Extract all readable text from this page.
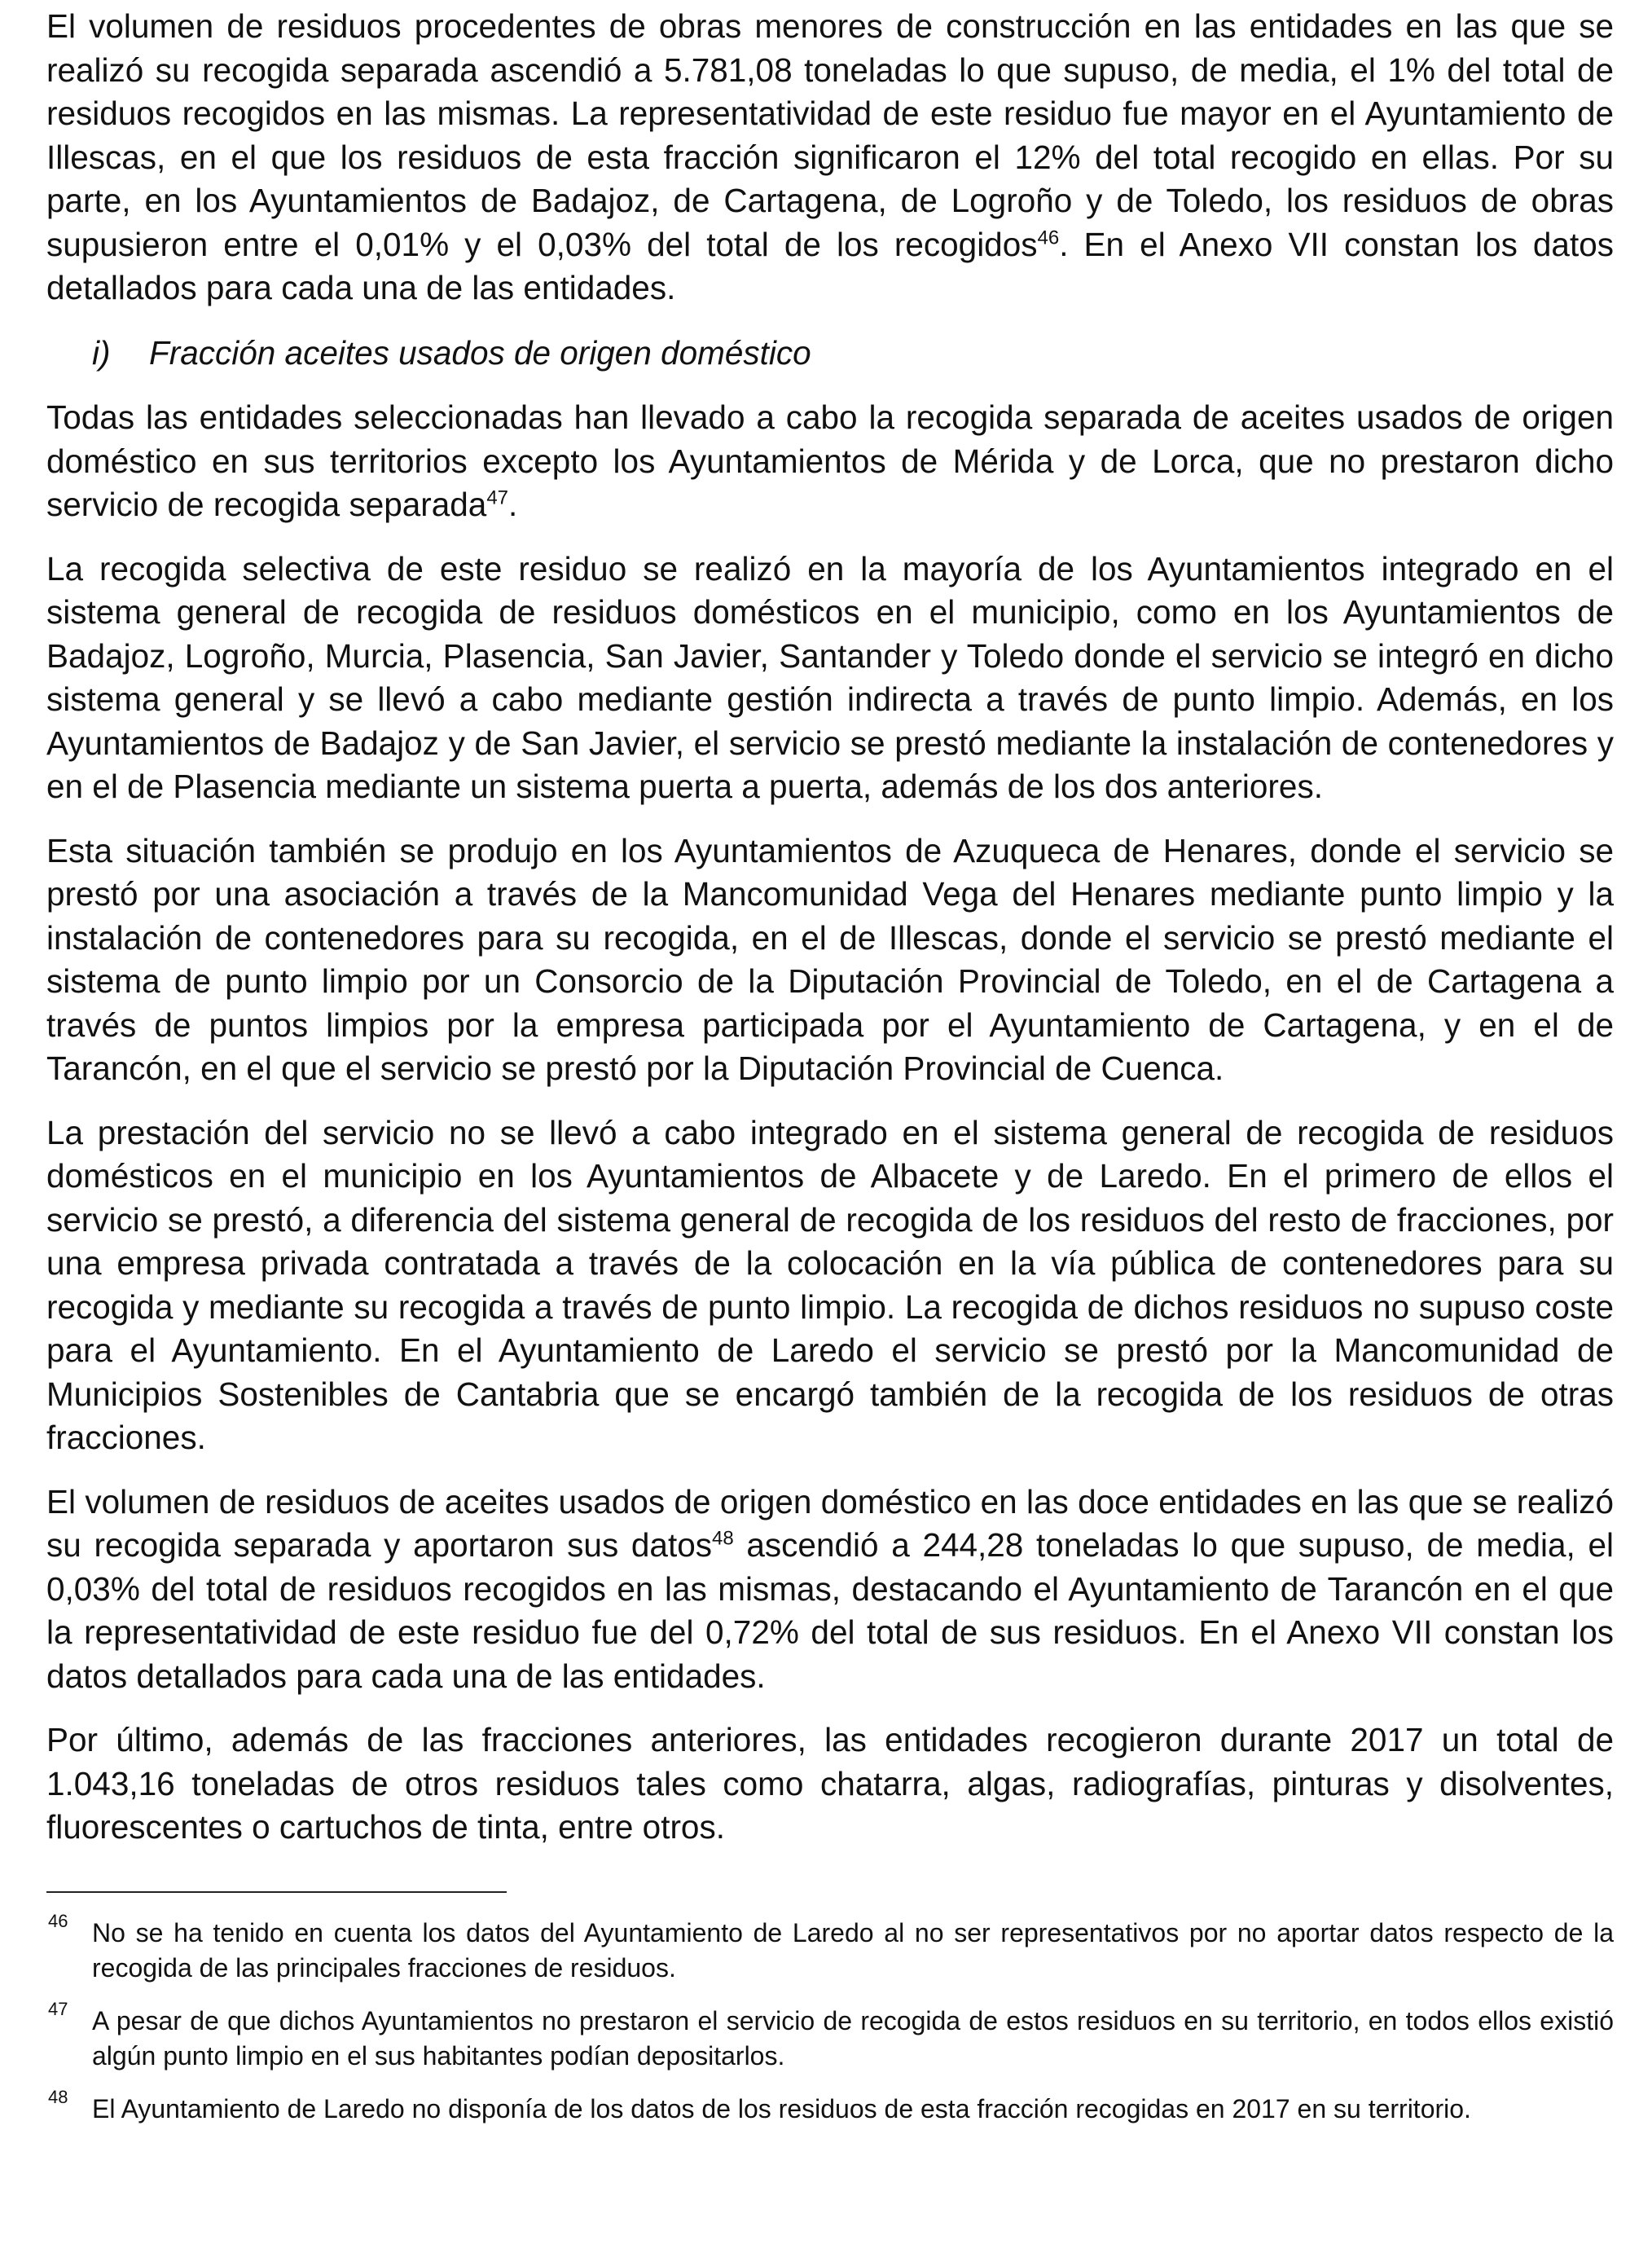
El volumen de residuos procedentes de obras menores de construcción en las entidades en las que se realizó su recogida separada ascendió a 5.781,08 toneladas lo que supuso, de media, el 1% del total de residuos recogidos en las mismas. La representatividad de este residuo fue mayor en el Ayuntamiento de Illescas, en el que los residuos de esta fracción significaron el 12% del total recogido en ellas. Por su parte, en los Ayuntamientos de Badajoz, de Cartagena, de Logroño y de Toledo, los residuos de obras supusieron entre el 0,01% y el 0,03% del total de los recogidos$^{46}$. En el Anexo VII constan los datos detallados para cada una de las entidades.

i) Fracción aceites usados de origen doméstico

Todas las entidades seleccionadas han llevado a cabo la recogida separada de aceites usados de origen doméstico en sus territorios excepto los Ayuntamientos de Mérida y de Lorca, que no prestaron dicho servicio de recogida separada$^{47}$.

La recogida selectiva de este residuo se realizó en la mayoría de los Ayuntamientos integrado en el sistema general de recogida de residuos domésticos en el municipio, como en los Ayuntamientos de Badajoz, Logroño, Murcia, Plasencia, San Javier, Santander y Toledo donde el servicio se integró en dicho sistema general y se llevó a cabo mediante gestión indirecta a través de punto limpio. Además, en los Ayuntamientos de Badajoz y de San Javier, el servicio se prestó mediante la instalación de contenedores y en el de Plasencia mediante un sistema puerta a puerta, además de los dos anteriores.

Esta situación también se produjo en los Ayuntamientos de Azuqueca de Henares, donde el servicio se prestó por una asociación a través de la Mancomunidad Vega del Henares mediante punto limpio y la instalación de contenedores para su recogida, en el de Illescas, donde el servicio se prestó mediante el sistema de punto limpio por un Consorcio de la Diputación Provincial de Toledo, en el de Cartagena a través de puntos limpios por la empresa participada por el Ayuntamiento de Cartagena, y en el de Tarancón, en el que el servicio se prestó por la Diputación Provincial de Cuenca.

La prestación del servicio no se llevó a cabo integrado en el sistema general de recogida de residuos domésticos en el municipio en los Ayuntamientos de Albacete y de Laredo. En el primero de ellos el servicio se prestó, a diferencia del sistema general de recogida de los residuos del resto de fracciones, por una empresa privada contratada a través de la colocación en la vía pública de contenedores para su recogida y mediante su recogida a través de punto limpio. La recogida de dichos residuos no supuso coste para el Ayuntamiento. En el Ayuntamiento de Laredo el servicio se prestó por la Mancomunidad de Municipios Sostenibles de Cantabria que se encargó también de la recogida de los residuos de otras fracciones.

El volumen de residuos de aceites usados de origen doméstico en las doce entidades en las que se realizó su recogida separada y aportaron sus datos$^{48}$ ascendió a 244,28 toneladas lo que supuso, de media, el 0,03% del total de residuos recogidos en las mismas, destacando el Ayuntamiento de Tarancón en el que la representatividad de este residuo fue del 0,72% del total de sus residuos. En el Anexo VII constan los datos detallados para cada una de las entidades.

Por último, además de las fracciones anteriores, las entidades recogieron durante 2017 un total de 1.043,16 toneladas de otros residuos tales como chatarra, algas, radiografías, pinturas y disolventes, fluorescentes o cartuchos de tinta, entre otros.

46 No se ha tenido en cuenta los datos del Ayuntamiento de Laredo al no ser representativos por no aportar datos respecto de la recogida de las principales fracciones de residuos.
47 A pesar de que dichos Ayuntamientos no prestaron el servicio de recogida de estos residuos en su territorio, en todos ellos existió algún punto limpio en el sus habitantes podían depositarlos.
48 El Ayuntamiento de Laredo no disponía de los datos de los residuos de esta fracción recogidas en 2017 en su territorio.
